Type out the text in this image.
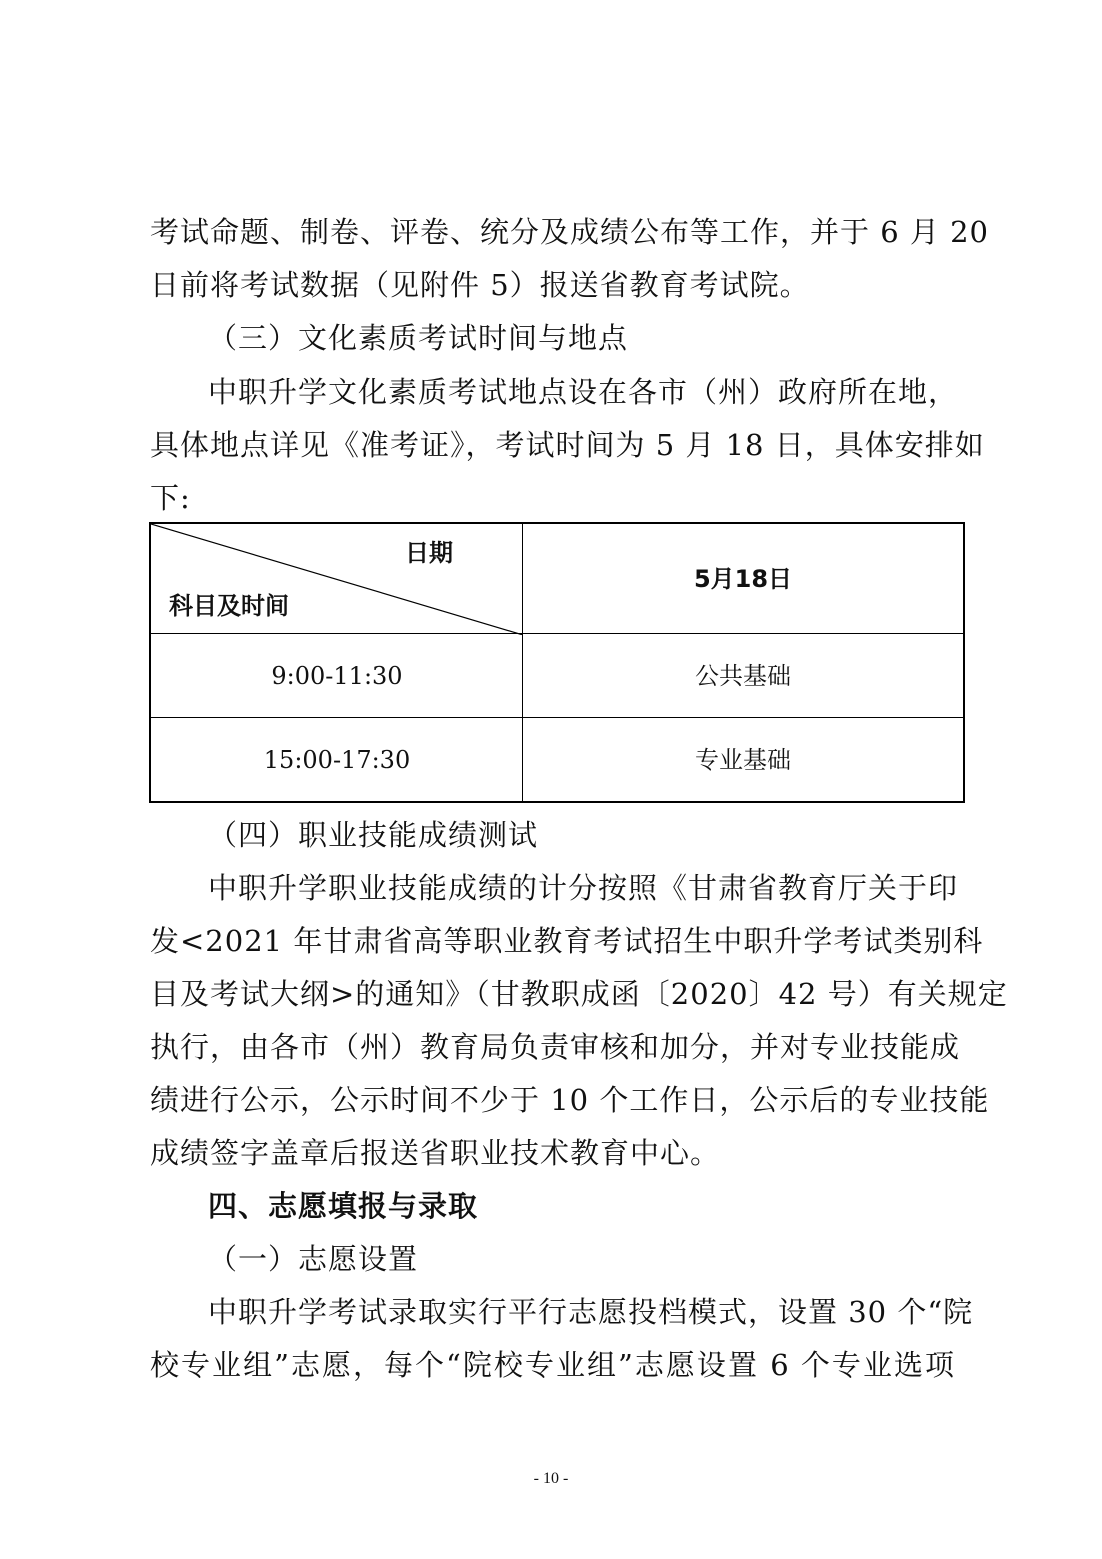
考试命题、制卷、评卷、统分及成绩公布等工作，并于 6 月 20
日前将考试数据（见附件 5）报送省教育考试院。
（三）文化素质考试时间与地点
中职升学文化素质考试地点设在各市（州）政府所在地，
具体地点详见《准考证》，考试时间为 5 月 18 日，具体安排如
下:
日期
科目及时间
5月18日
9:00-11:30	公共基础
15:00-17:30	专业基础
（四）职业技能成绩测试
中职升学职业技能成绩的计分按照《甘肃省教育厅关于印
发<2021 年甘肃省高等职业教育考试招生中职升学考试类别科
目及考试大纲>的通知》（甘教职成函〔2020〕42 号）有关规定
执行，由各市（州）教育局负责审核和加分，并对专业技能成
绩进行公示，公示时间不少于 10 个工作日，公示后的专业技能
成绩签字盖章后报送省职业技术教育中心。
四、志愿填报与录取
（一）志愿设置
中职升学考试录取实行平行志愿投档模式，设置 30 个“院
校专业组”志愿，每个“院校专业组”志愿设置 6 个专业选项
- 10 -
